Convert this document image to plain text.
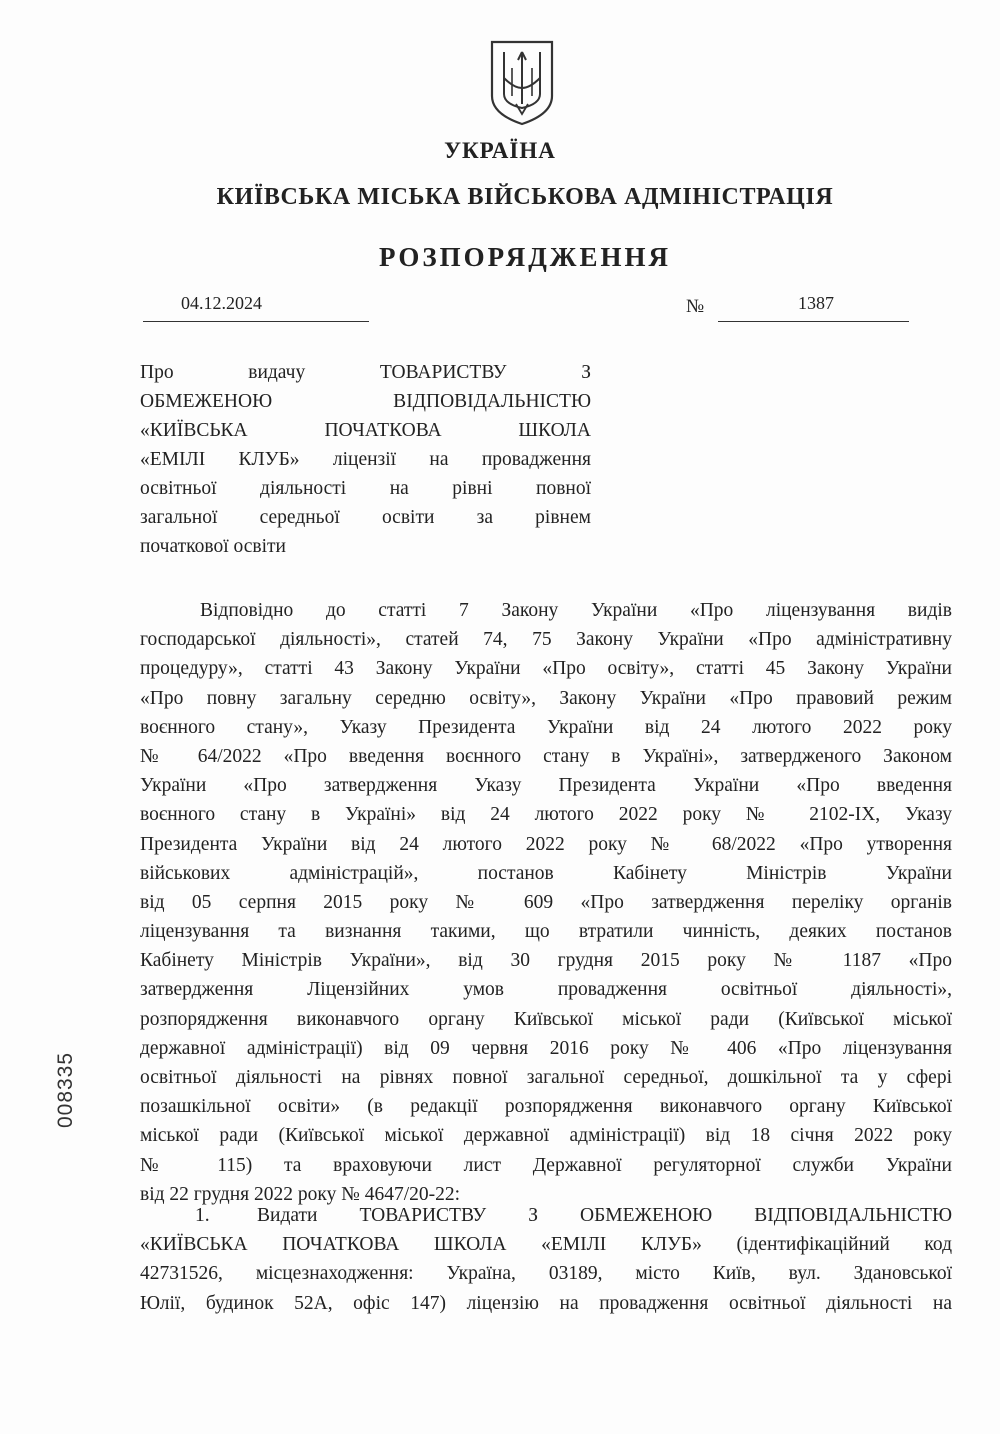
УКРАЇНА
КИЇВСЬКА МІСЬКА ВІЙСЬКОВА АДМІНІСТРАЦІЯ
РОЗПОРЯДЖЕННЯ
04.12.2024	№	1387
Про видачу ТОВАРИСТВУ З
ОБМЕЖЕНОЮ ВІДПОВІДАЛЬНІСТЮ
«КИЇВСЬКА ПОЧАТКОВА ШКОЛА
«ЕМІЛІ КЛУБ» ліцензії на провадження
освітньої діяльності на рівні повної
загальної середньої освіти за рівнем
початкової освіти
Відповідно до статті 7 Закону України «Про ліцензування видів
господарської діяльності», статей 74, 75 Закону України «Про адміністративну
процедуру», статті 43 Закону України «Про освіту», статті 45 Закону України
«Про повну загальну середню освіту», Закону України «Про правовий режим
воєнного стану», Указу Президента України від 24 лютого 2022 року
№ 64/2022 «Про введення воєнного стану в Україні», затвердженого Законом
України «Про затвердження Указу Президента України «Про введення
воєнного стану в Україні» від 24 лютого 2022 року № 2102-IX, Указу
Президента України від 24 лютого 2022 року № 68/2022 «Про утворення
військових адміністрацій», постанов Кабінету Міністрів України
від 05 серпня 2015 року № 609 «Про затвердження переліку органів
ліцензування та визнання такими, що втратили чинність, деяких постанов
Кабінету Міністрів України», від 30 грудня 2015 року № 1187 «Про
затвердження Ліцензійних умов провадження освітньої діяльності»,
розпорядження виконавчого органу Київської міської ради (Київської міської
державної адміністрації) від 09 червня 2016 року № 406 «Про ліцензування
освітньої діяльності на рівнях повної загальної середньої, дошкільної та у сфері
позашкільної освіти» (в редакції розпорядження виконавчого органу Київської
міської ради (Київської міської державної адміністрації) від 18 січня 2022 року
№ 115) та враховуючи лист Державної регуляторної служби України
від 22 грудня 2022 року № 4647/20-22:
1. Видати ТОВАРИСТВУ З ОБМЕЖЕНОЮ ВІДПОВІДАЛЬНІСТЮ
«КИЇВСЬКА ПОЧАТКОВА ШКОЛА «ЕМІЛІ КЛУБ» (ідентифікаційний код
42731526, місцезнаходження: Україна, 03189, місто Київ, вул. Здановської
Юлії, будинок 52А, офіс 147) ліцензію на провадження освітньої діяльності на
008335
